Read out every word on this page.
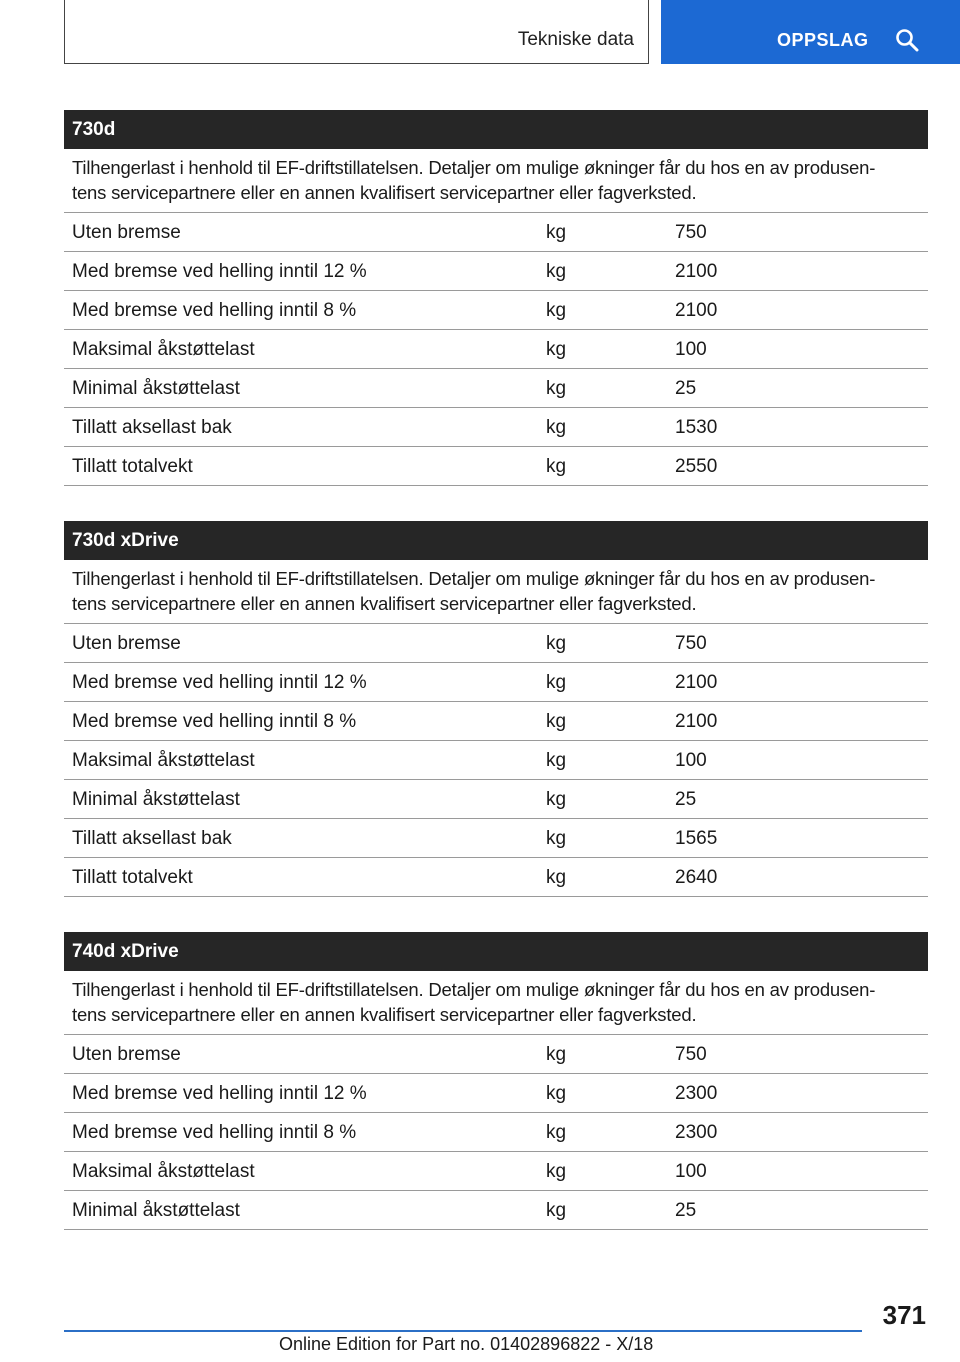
Tekniske data	OPPSLAG
730d
Tilhengerlast i henhold til EF-driftstillatelsen. Detaljer om mulige økninger får du hos en av produsen‐
tens servicepartnere eller en annen kvalifisert servicepartner eller fagverksted.
Uten bremse	kg	750
Med bremse ved helling inntil 12 %	kg	2100
Med bremse ved helling inntil 8 %	kg	2100
Maksimal åkstøttelast	kg	100
Minimal åkstøttelast	kg	25
Tillatt aksellast bak	kg	1530
Tillatt totalvekt	kg	2550
730d xDrive
Tilhengerlast i henhold til EF-driftstillatelsen. Detaljer om mulige økninger får du hos en av produsen‐
tens servicepartnere eller en annen kvalifisert servicepartner eller fagverksted.
Uten bremse	kg	750
Med bremse ved helling inntil 12 %	kg	2100
Med bremse ved helling inntil 8 %	kg	2100
Maksimal åkstøttelast	kg	100
Minimal åkstøttelast	kg	25
Tillatt aksellast bak	kg	1565
Tillatt totalvekt	kg	2640
740d xDrive
Tilhengerlast i henhold til EF-driftstillatelsen. Detaljer om mulige økninger får du hos en av produsen‐
tens servicepartnere eller en annen kvalifisert servicepartner eller fagverksted.
Uten bremse	kg	750
Med bremse ved helling inntil 12 %	kg	2300
Med bremse ved helling inntil 8 %	kg	2300
Maksimal åkstøttelast	kg	100
Minimal åkstøttelast	kg	25
371
Online Edition for Part no. 01402896822 - X/18
